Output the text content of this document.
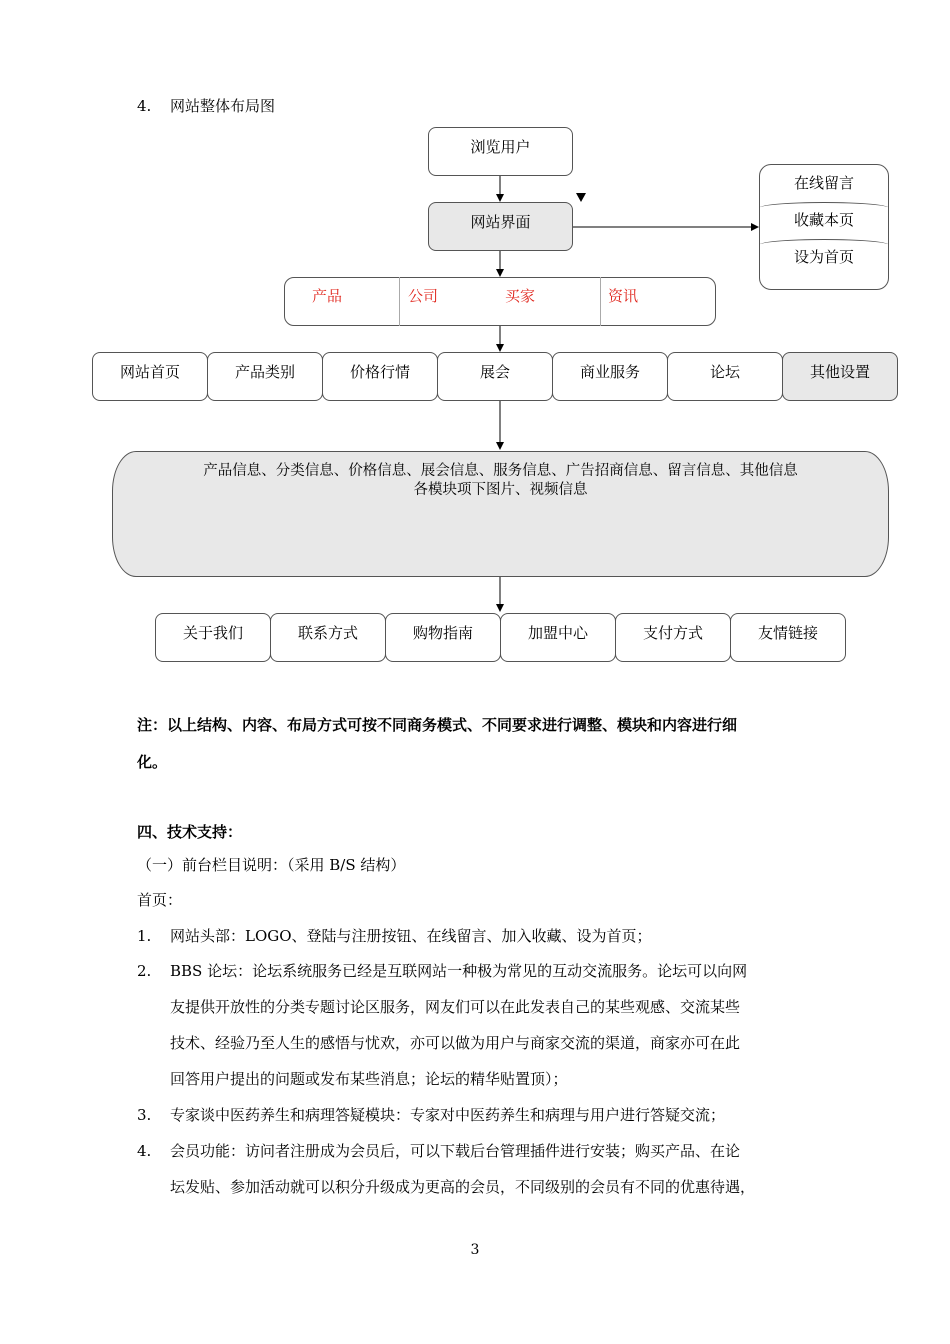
4. 网站整体布局图
浏览用户
网站界面
在线留言
收藏本页
设为首页
产品	公司	买家	资讯
网站首页	产品类别	价格行情	展会	商业服务	论坛	其他设置
产品信息、分类信息、价格信息、展会信息、服务信息、广告招商信息、留言信息、其他信息
各模块项下图片、视频信息
关于我们	联系方式	购物指南	加盟中心	支付方式	友情链接
注：以上结构、内容、布局方式可按不同商务模式、不同要求进行调整、模块和内容进行细
化。
四、技术支持：
（一）前台栏目说明：（采用 B/S 结构）
首页：
1. 网站头部：LOGO、登陆与注册按钮、在线留言、加入收藏、设为首页；
2. BBS 论坛：论坛系统服务已经是互联网站一种极为常见的互动交流服务。论坛可以向网
友提供开放性的分类专题讨论区服务，网友们可以在此发表自己的某些观感、交流某些
技术、经验乃至人生的感悟与忧欢，亦可以做为用户与商家交流的渠道，商家亦可在此
回答用户提出的问题或发布某些消息；论坛的精华贴置顶）；
3. 专家谈中医药养生和病理答疑模块：专家对中医药养生和病理与用户进行答疑交流；
4. 会员功能：访问者注册成为会员后，可以下载后台管理插件进行安装；购买产品、在论
坛发贴、参加活动就可以积分升级成为更高的会员，不同级别的会员有不同的优惠待遇，
3
